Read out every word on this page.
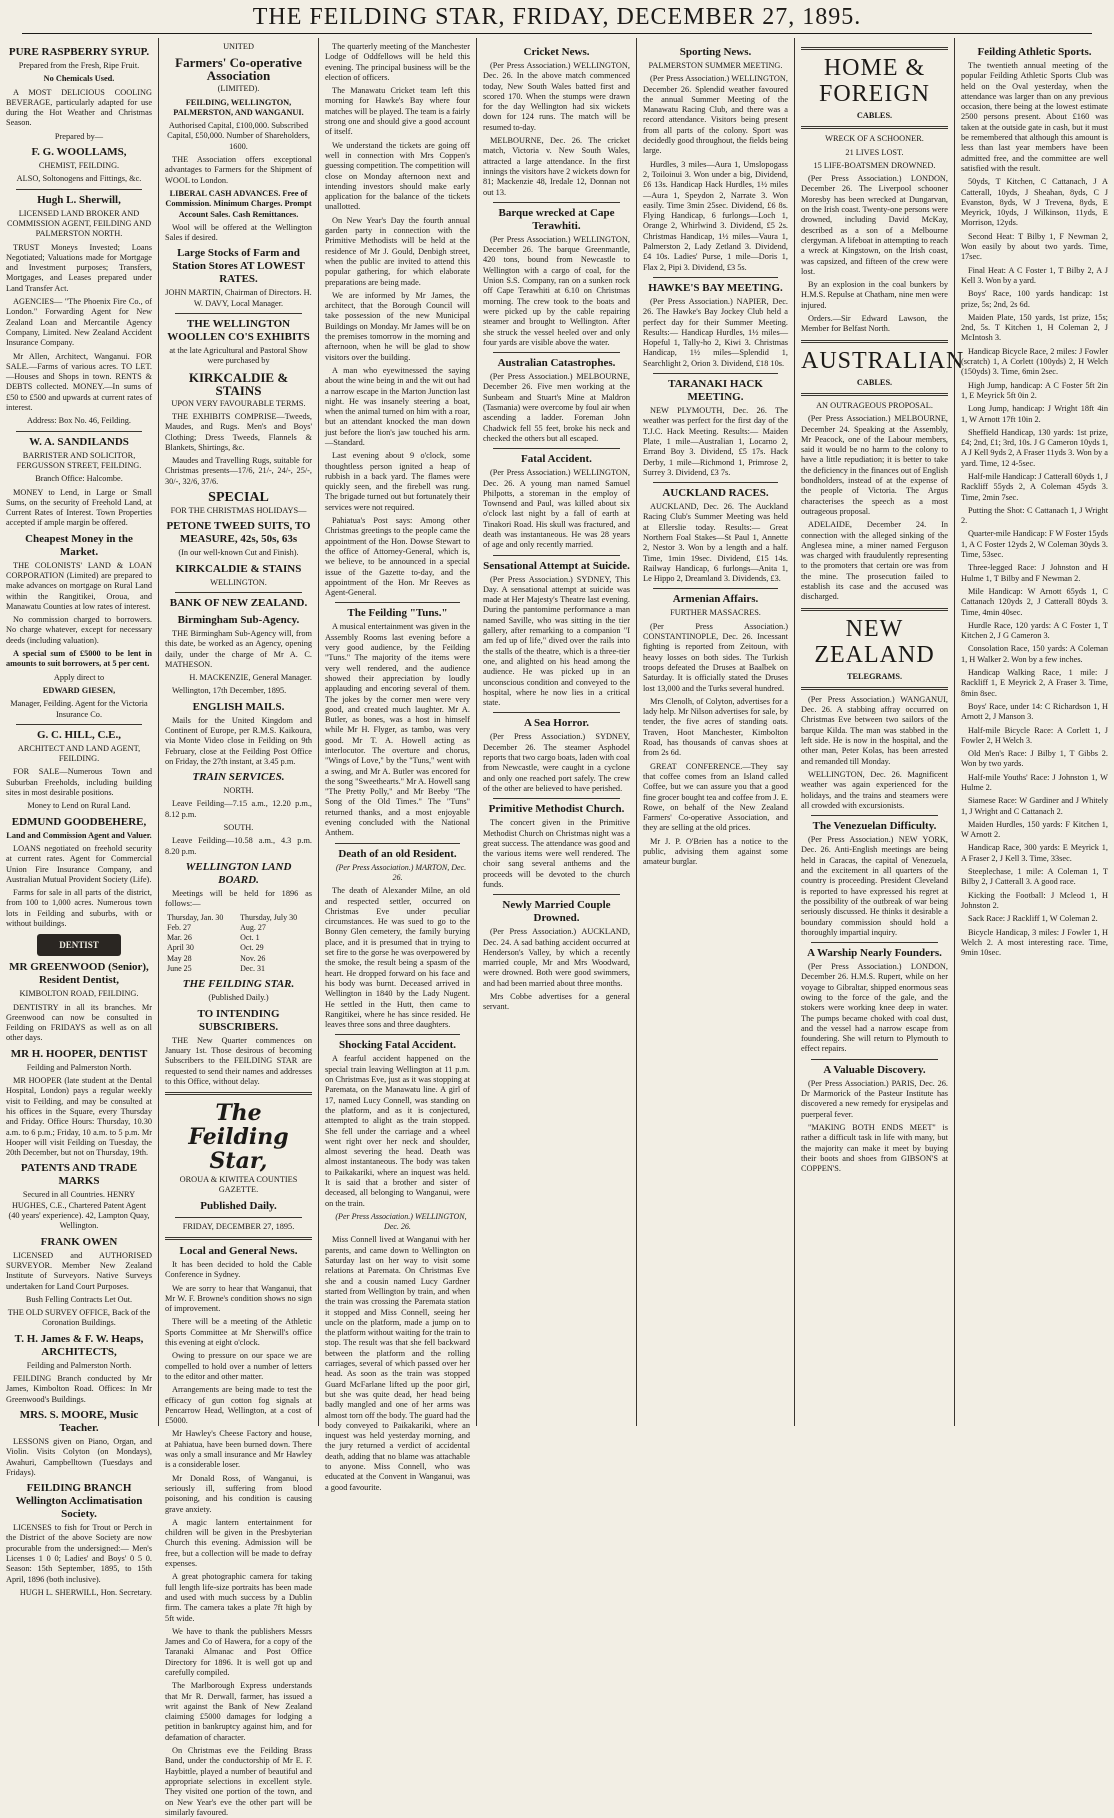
THE FEILDING STAR, FRIDAY, DECEMBER 27, 1895.
PURE RASPBERRY SYRUP.

Prepared from the Fresh, Ripe Fruit.

No Chemicals Used.

A MOST DELICIOUS COOLING BEVERAGE, particularly adapted for use during the Hot Weather and Christmas Season.

Prepared by—

F. G. WOOLLAMS,

CHEMIST, FEILDING.

ALSO, Soltonogens and Fittings, &c.

Hugh L. Sherwill,

LICENSED LAND BROKER AND COMMISSION AGENT, FEILDING AND PALMERSTON NORTH.

TRUST Moneys Invested; Loans Negotiated; Valuations made for Mortgage and Investment purposes; Transfers, Mortgages, and Leases prepared under Land Transfer Act.

AGENCIES— "The Phoenix Fire Co., of London." Forwarding Agent for New Zealand Loan and Mercantile Agency Company, Limited. New Zealand Accident Insurance Company.

Mr Allen, Architect, Wanganui. FOR SALE.—Farms of various acres. TO LET.—Houses and Shops in town. RENTS & DEBTS collected. MONEY.—In sums of £50 to £500 and upwards at current rates of interest.

Address: Box No. 46, Feilding.

W. A. SANDILANDS

BARRISTER AND SOLICITOR, FERGUSSON STREET, FEILDING.

Branch Office: Halcombe.

MONEY to Lend, in Large or Small Sums, on the security of Freehold Land, at Current Rates of Interest. Town Properties accepted if ample margin be offered.

Cheapest Money in the Market.

THE COLONISTS' LAND & LOAN CORPORATION (Limited) are prepared to make advances on mortgage on Rural Land within the Rangitikei, Oroua, and Manawatu Counties at low rates of interest.

No commission charged to borrowers. No charge whatever, except for necessary deeds (including valuation).

A special sum of £5000 to be lent in amounts to suit borrowers, at 5 per cent.

Apply direct to

EDWARD GIESEN,

Manager, Feilding. Agent for the Victoria Insurance Co.

G. C. HILL, C.E.,

ARCHITECT AND LAND AGENT, FEILDING.

FOR SALE—Numerous Town and Suburban Freeholds, including building sites in most desirable positions.

Money to Lend on Rural Land.

EDMUND GOODBEHERE,

Land and Commission Agent and Valuer.

LOANS negotiated on freehold security at current rates. Agent for Commercial Union Fire Insurance Company, and Australian Mutual Provident Society (Life).

Farms for sale in all parts of the district, from 100 to 1,000 acres. Numerous town lots in Feilding and suburbs, with or without buildings.

DENTIST
MR GREENWOOD (Senior), Resident Dentist,

KIMBOLTON ROAD, FEILDING.

DENTISTRY in all its branches. Mr Greenwood can now be consulted in Feilding on FRIDAYS as well as on all other days.

MR H. HOOPER, DENTIST

Feilding and Palmerston North.

MR HOOPER (late student at the Dental Hospital, London) pays a regular weekly visit to Feilding, and may be consulted at his offices in the Square, every Thursday and Friday. Office Hours: Thursday, 10.30 a.m. to 6 p.m.; Friday, 10 a.m. to 5 p.m. Mr Hooper will visit Feilding on Tuesday, the 20th December, but not on Thursday, 19th.

PATENTS AND TRADE MARKS

Secured in all Countries. HENRY HUGHES, C.E., Chartered Patent Agent (40 years' experience). 42, Lampton Quay, Wellington.

FRANK OWEN

LICENSED and AUTHORISED SURVEYOR. Member New Zealand Institute of Surveyors. Native Surveys undertaken for Land Court Purposes.

Bush Felling Contracts Let Out.

THE OLD SURVEY OFFICE, Back of the Coronation Buildings.

T. H. James & F. W. Heaps, ARCHITECTS,

Feilding and Palmerston North.

FEILDING Branch conducted by Mr James, Kimbolton Road. Offices: In Mr Greenwood's Buildings.

MRS. S. MOORE, Music Teacher.

LESSONS given on Piano, Organ, and Violin. Visits Colyton (on Mondays), Awahuri, Campbelltown (Tuesdays and Fridays).

FEILDING BRANCH Wellington Acclimatisation Society.

LICENSES to fish for Trout or Perch in the District of the above Society are now procurable from the undersigned:— Men's Licenses 1 0 0; Ladies' and Boys' 0 5 0. Season: 15th September, 1895, to 15th April, 1896 (both inclusive).

HUGH L. SHERWILL, Hon. Secretary.

UNITED

Farmers' Co-operative Association

(LIMITED).

FEILDING, WELLINGTON, PALMERSTON, AND WANGANUI.

Authorised Capital, £100,000. Subscribed Capital, £50,000. Number of Shareholders, 1600.

THE Association offers exceptional advantages to Farmers for the Shipment of WOOL to London.

LIBERAL CASH ADVANCES. Free of Commission. Minimum Charges. Prompt Account Sales. Cash Remittances.

Wool will be offered at the Wellington Sales if desired.

Large Stocks of Farm and Station Stores AT LOWEST RATES.

JOHN MARTIN, Chairman of Directors. H. W. DAVY, Local Manager.

THE WELLINGTON WOOLLEN CO'S EXHIBITS

at the late Agricultural and Pastoral Show were purchased by

KIRKCALDIE & STAINS

UPON VERY FAVOURABLE TERMS.

THE EXHIBITS COMPRISE—Tweeds, Maudes, and Rugs. Men's and Boys' Clothing; Dress Tweeds, Flannels & Blankets, Shirtings, &c.

Maudes and Travelling Rugs, suitable for Christmas presents—17/6, 21/-, 24/-, 25/-, 30/-, 32/6, 37/6.

SPECIAL

FOR THE CHRISTMAS HOLIDAYS—

PETONE TWEED SUITS, TO MEASURE, 42s, 50s, 63s

(In our well-known Cut and Finish).

KIRKCALDIE & STAINS

WELLINGTON.

BANK OF NEW ZEALAND.
Birmingham Sub-Agency.

THE Birmingham Sub-Agency will, from this date, be worked as an Agency, opening daily, under the charge of Mr A. C. MATHESON.

H. MACKENZIE, General Manager.

Wellington, 17th December, 1895.

ENGLISH MAILS.

Mails for the United Kingdom and Continent of Europe, per R.M.S. Kaikoura, via Monte Video close in Feilding on 9th February, close at the Feilding Post Office on Friday, the 27th instant, at 3.45 p.m.

TRAIN SERVICES.

NORTH.

Leave Feilding—7.15 a.m., 12.20 p.m., 8.12 p.m.

SOUTH.

Leave Feilding—10.58 a.m., 4.3 p.m. 8.20 p.m.

WELLINGTON LAND BOARD.

Meetings will be held for 1896 as follows:—

Thursday, Jan. 30	Thursday, July 30
Feb. 27	Aug. 27
Mar. 26	Oct. 1
April 30	Oct. 29
May 28	Nov. 26
June 25	Dec. 31
THE FEILDING STAR.

(Published Daily.)

TO INTENDING SUBSCRIBERS.

THE New Quarter commences on January 1st. Those desirous of becoming Subscribers to the FEILDING STAR are requested to send their names and addresses to this Office, without delay.

The Feilding Star,

OROUA & KIWITEA COUNTIES GAZETTE.

Published Daily.

FRIDAY, DECEMBER 27, 1895.

Local and General News.

It has been decided to hold the Cable Conference in Sydney.

We are sorry to hear that Wanganui, that Mr W. F. Browne's condition shows no sign of improvement.

There will be a meeting of the Athletic Sports Committee at Mr Sherwill's office this evening at eight o'clock.

Owing to pressure on our space we are compelled to hold over a number of letters to the editor and other matter.

Arrangements are being made to test the efficacy of gun cotton fog signals at Pencarrow Head, Wellington, at a cost of £5000.

Mr Hawley's Cheese Factory and house, at Pahiatua, have been burned down. There was only a small insurance and Mr Hawley is a considerable loser.

Mr Donald Ross, of Wanganui, is seriously ill, suffering from blood poisoning, and his condition is causing grave anxiety.

A magic lantern entertainment for children will be given in the Presbyterian Church this evening. Admission will be free, but a collection will be made to defray expenses.

A great photographic camera for taking full length life-size portraits has been made and used with much success by a Dublin firm. The camera takes a plate 7ft high by 5ft wide.

We have to thank the publishers Messrs James and Co of Hawera, for a copy of the Taranaki Almanac and Post Office Directory for 1896. It is well got up and carefully compiled.

The Marlborough Express understands that Mr R. Derwall, farmer, has issued a writ against the Bank of New Zealand claiming £5000 damages for lodging a petition in bankruptcy against him, and for defamation of character.

On Christmas eve the Feilding Brass Band, under the conductorship of Mr E. F. Haybittle, played a number of beautiful and appropriate selections in excellent style. They visited one portion of the town, and on New Year's eve the other part will be similarly favoured.

The quarterly meeting of the Manchester Lodge of Oddfellows will be held this evening. The principal business will be the election of officers.

The Manawatu Cricket team left this morning for Hawke's Bay where four matches will be played. The team is a fairly strong one and should give a good account of itself.

We understand the tickets are going off well in connection with Mrs Coppen's guessing competition. The competition will close on Monday afternoon next and intending investors should make early application for the balance of the tickets unallotted.

On New Year's Day the fourth annual garden party in connection with the Primitive Methodists will be held at the residence of Mr J. Gould, Denbigh street, when the public are invited to attend this popular gathering, for which elaborate preparations are being made.

We are informed by Mr James, the architect, that the Borough Council will take possession of the new Municipal Buildings on Monday. Mr James will be on the premises tomorrow in the morning and afternoon, when he will be glad to show visitors over the building.

A man who eyewitnessed the saying about the wine being in and the wit out had a narrow escape in the Marton Junction last night. He was insanely steering a boat, when the animal turned on him with a roar, but an attendant knocked the man down just before the lion's jaw touched his arm.—Standard.

Last evening about 9 o'clock, some thoughtless person ignited a heap of rubbish in a back yard. The flames were quickly seen, and the firebell was rung. The brigade turned out but fortunately their services were not required.

Pahiatua's Post says: Among other Christmas greetings to the people came the appointment of the Hon. Dowse Stewart to the office of Attorney-General, which is, we believe, to be announced in a special issue of the Gazette to-day, and the appointment of the Hon. Mr Reeves as Agent-General.

The Feilding "Tuns."

A musical entertainment was given in the Assembly Rooms last evening before a very good audience, by the Feilding "Tuns." The majority of the items were very well rendered, and the audience showed their appreciation by loudly applauding and encoring several of them. The jokes by the corner men were very good, and created much laughter. Mr A. Butler, as bones, was a host in himself while Mr H. Flyger, as tambo, was very good. Mr T. A. Howell acting as interlocutor. The overture and chorus, "Wings of Love," by the "Tuns," went with a swing, and Mr A. Butler was encored for the song "Sweethearts." Mr A. Howell sang "The Pretty Polly," and Mr Beeby "The Song of the Old Times." The "Tuns" returned thanks, and a most enjoyable evening concluded with the National Anthem.

Death of an old Resident.

(Per Press Association.) MARTON, Dec. 26.

The death of Alexander Milne, an old and respected settler, occurred on Christmas Eve under peculiar circumstances. He was sued to go to the Bonny Glen cemetery, the family burying place, and it is presumed that in trying to set fire to the gorse he was overpowered by the smoke, the result being a spasm of the heart. He dropped forward on his face and his body was burnt. Deceased arrived in Wellington in 1840 by the Lady Nugent. He settled in the Hutt, then came to Rangitikei, where he has since resided. He leaves three sons and three daughters.

Shocking Fatal Accident.

A fearful accident happened on the special train leaving Wellington at 11 p.m. on Christmas Eve, just as it was stopping at Paremata, on the Manawatu line. A girl of 17, named Lucy Connell, was standing on the platform, and as it is conjectured, attempted to alight as the train stopped. She fell under the carriage and a wheel went right over her neck and shoulder, almost severing the head. Death was almost instantaneous. The body was taken to Paikakariki, where an inquest was held. It is said that a brother and sister of deceased, all belonging to Wanganui, were on the train.

(Per Press Association.) WELLINGTON, Dec. 26.

Miss Connell lived at Wanganui with her parents, and came down to Wellington on Saturday last on her way to visit some relations at Paremata. On Christmas Eve she and a cousin named Lucy Gardner started from Wellington by train, and when the train was crossing the Paremata station it stopped and Miss Connell, seeing her uncle on the platform, made a jump on to the platform without waiting for the train to stop. The result was that she fell backward between the platform and the rolling carriages, several of which passed over her head. As soon as the train was stopped Guard McFarlane lifted up the poor girl, but she was quite dead, her head being badly mangled and one of her arms was almost torn off the body. The guard had the body conveyed to Paikakariki, where an inquest was held yesterday morning, and the jury returned a verdict of accidental death, adding that no blame was attachable to anyone. Miss Connell, who was educated at the Convent in Wanganui, was a good favourite.

Cricket News.

(Per Press Association.) WELLINGTON, Dec. 26. In the above match commenced today, New South Wales batted first and scored 170. When the stumps were drawn for the day Wellington had six wickets down for 124 runs. The match will be resumed to-day.

MELBOURNE, Dec. 26. The cricket match, Victoria v. New South Wales, attracted a large attendance. In the first innings the visitors have 2 wickets down for 81; Mackenzie 48, Iredale 12, Donnan not out 13.

Barque wrecked at Cape Terawhiti.

(Per Press Association.) WELLINGTON, December 26. The barque Greenmantle, 420 tons, bound from Newcastle to Wellington with a cargo of coal, for the Union S.S. Company, ran on a sunken rock off Cape Terawhiti at 6.10 on Christmas morning. The crew took to the boats and were picked up by the cable repairing steamer and brought to Wellington. After she struck the vessel heeled over and only four yards are visible above the water.

Australian Catastrophes.

(Per Press Association.) MELBOURNE, December 26. Five men working at the Sunbeam and Stuart's Mine at Maldron (Tasmania) were overcome by foul air when ascending a ladder. Foreman John Chadwick fell 55 feet, broke his neck and checked the others but all escaped.

Fatal Accident.

(Per Press Association.) WELLINGTON, Dec. 26. A young man named Samuel Philpotts, a storeman in the employ of Townsend and Paul, was killed about six o'clock last night by a fall of earth at Tinakori Road. His skull was fractured, and death was instantaneous. He was 28 years of age and only recently married.

Sensational Attempt at Suicide.

(Per Press Association.) SYDNEY, This Day. A sensational attempt at suicide was made at Her Majesty's Theatre last evening. During the pantomime performance a man named Saville, who was sitting in the tier gallery, after remarking to a companion "I am fed up of life," dived over the rails into the stalls of the theatre, which is a three-tier one, and alighted on his head among the audience. He was picked up in an unconscious condition and conveyed to the hospital, where he now lies in a critical state.

A Sea Horror.

(Per Press Association.) SYDNEY, December 26. The steamer Asphodel reports that two cargo boats, laden with coal from Newcastle, were caught in a cyclone and only one reached port safely. The crew of the other are believed to have perished.

Primitive Methodist Church.

The concert given in the Primitive Methodist Church on Christmas night was a great success. The attendance was good and the various items were well rendered. The choir sang several anthems and the proceeds will be devoted to the church funds.

Newly Married Couple Drowned.

(Per Press Association.) AUCKLAND, Dec. 24. A sad bathing accident occurred at Henderson's Valley, by which a recently married couple, Mr and Mrs Woodward, were drowned. Both were good swimmers, and had been married about three months.

Mrs Cobbe advertises for a general servant.

Sporting News.

PALMERSTON SUMMER MEETING.

(Per Press Association.) WELLINGTON, December 26. Splendid weather favoured the annual Summer Meeting of the Manawatu Racing Club, and there was a record attendance. Visitors being present from all parts of the colony. Sport was decidedly good throughout, the fields being large.

Hurdles, 3 miles—Aura 1, Umslopogass 2, Toiloinui 3. Won under a big, Dividend, £6 13s. Handicap Hack Hurdles, 1½ miles—Aura 1, Speydon 2, Narrate 3. Won easily. Time 3min 25sec. Dividend, £6 8s. Flying Handicap, 6 furlongs—Loch 1, Orange 2, Whirlwind 3. Dividend, £5 2s. Christmas Handicap, 1½ miles—Vaura 1, Palmerston 2, Lady Zetland 3. Dividend, £4 10s. Ladies' Purse, 1 mile—Doris 1, Flax 2, Pipi 3. Dividend, £3 5s.

HAWKE'S BAY MEETING.

(Per Press Association.) NAPIER, Dec. 26. The Hawke's Bay Jockey Club held a perfect day for their Summer Meeting. Results:— Handicap Hurdles, 1½ miles—Hopeful 1, Tally-ho 2, Kiwi 3. Christmas Handicap, 1½ miles—Splendid 1, Searchlight 2, Orion 3. Dividend, £18 10s.

TARANAKI HACK MEETING.

NEW PLYMOUTH, Dec. 26. The weather was perfect for the first day of the T.J.C. Hack Meeting. Results:— Maiden Plate, 1 mile—Australian 1, Locarno 2, Errand Boy 3. Dividend, £5 17s. Hack Derby, 1 mile—Richmond 1, Primrose 2, Surrey 3. Dividend, £3 7s.

AUCKLAND RACES.

AUCKLAND, Dec. 26. The Auckland Racing Club's Summer Meeting was held at Ellerslie today. Results:— Great Northern Foal Stakes—St Paul 1, Annette 2, Nestor 3. Won by a length and a half. Time, 1min 19sec. Dividend, £15 14s. Railway Handicap, 6 furlongs—Anita 1, Le Hippo 2, Dreamland 3. Dividends, £3.

Armenian Affairs.

FURTHER MASSACRES.

(Per Press Association.) CONSTANTINOPLE, Dec. 26. Incessant fighting is reported from Zeitoun, with heavy losses on both sides. The Turkish troops defeated the Druses at Baalbek on Saturday. It is officially stated the Druses lost 13,000 and the Turks several hundred.

Mrs Clenolh, of Colyton, advertises for a lady help. Mr Nilson advertises for sale, by tender, the five acres of standing oats. Traven, Hoot Manchester, Kimbolton Road, has thousands of canvas shoes at from 2s 6d.

GREAT CONFERENCE.—They say that coffee comes from an Island called Coffee, but we can assure you that a good fine grocer bought tea and coffee from J. E. Rowe, on behalf of the New Zealand Farmers' Co-operative Association, and they are selling at the old prices.

Mr J. P. O'Brien has a notice to the public, advising them against some amateur burglar.

HOME & FOREIGN

CABLES.

WRECK OF A SCHOONER.

21 LIVES LOST.

15 LIFE-BOATSMEN DROWNED.

(Per Press Association.) LONDON, December 26. The Liverpool schooner Moresby has been wrecked at Dungarvan, on the Irish coast. Twenty-one persons were drowned, including David McKay, described as a son of a Melbourne clergyman. A lifeboat in attempting to reach a wreck at Kingstown, on the Irish coast, was capsized, and fifteen of the crew were lost.

By an explosion in the coal bunkers by H.M.S. Repulse at Chatham, nine men were injured.

Orders.—Sir Edward Lawson, the Member for Belfast North.

AUSTRALIAN

CABLES.

AN OUTRAGEOUS PROPOSAL.

(Per Press Association.) MELBOURNE, December 24. Speaking at the Assembly, Mr Peacock, one of the Labour members, said it would be no harm to the colony to have a little repudiation; it is better to take the deficiency in the finances out of English bondholders, instead of at the expense of the people of Victoria. The Argus characterises the speech as a most outrageous proposal.

ADELAIDE, December 24. In connection with the alleged sinking of the Anglesea mine, a miner named Ferguson was charged with fraudulently representing to the promoters that certain ore was from the mine. The prosecution failed to establish its case and the accused was discharged.

NEW ZEALAND

TELEGRAMS.

(Per Press Association.) WANGANUI, Dec. 26. A stabbing affray occurred on Christmas Eve between two sailors of the barque Kilda. The man was stabbed in the left side. He is now in the hospital, and the other man, Peter Kolas, has been arrested and remanded till Monday.

WELLINGTON, Dec. 26. Magnificent weather was again experienced for the holidays, and the trains and steamers were all crowded with excursionists.

The Venezuelan Difficulty.

(Per Press Association.) NEW YORK, Dec. 26. Anti-English meetings are being held in Caracas, the capital of Venezuela, and the excitement in all quarters of the country is proceeding. President Cleveland is reported to have expressed his regret at the possibility of the outbreak of war being seriously discussed. He thinks it desirable a boundary commission should hold a thoroughly impartial inquiry.

A Warship Nearly Founders.

(Per Press Association.) LONDON, December 26. H.M.S. Rupert, while on her voyage to Gibraltar, shipped enormous seas owing to the force of the gale, and the stokers were working knee deep in water. The pumps became choked with coal dust, and the vessel had a narrow escape from foundering. She will return to Plymouth to effect repairs.

A Valuable Discovery.

(Per Press Association.) PARIS, Dec. 26. Dr Marmorick of the Pasteur Institute has discovered a new remedy for erysipelas and puerperal fever.

"MAKING BOTH ENDS MEET" is rather a difficult task in life with many, but the majority can make it meet by buying their boots and shoes from GIBSON'S at COPPEN'S.

Feilding Athletic Sports.

The twentieth annual meeting of the popular Feilding Athletic Sports Club was held on the Oval yesterday, when the attendance was larger than on any previous occasion, there being at the lowest estimate 2500 persons present. About £160 was taken at the outside gate in cash, but it must be remembered that although this amount is less than last year members have been admitted free, and the committee are well satisfied with the result.

50yds, T Kitchen, C Cattanach, J A Catterall, 10yds, J Sheahan, 8yds, C J Evanston, 8yds, W J Trevena, 8yds, E Meyrick, 10yds, J Wilkinson, 11yds, E Morrison, 12yds.

Second Heat: T Bilby 1, F Newman 2, Won easily by about two yards. Time, 17sec.

Final Heat: A C Foster 1, T Bilby 2, A J Kell 3. Won by a yard.

Boys' Race, 100 yards handicap: 1st prize, 5s; 2nd, 2s 6d.

Maiden Plate, 150 yards, 1st prize, 15s; 2nd, 5s. T Kitchen 1, H Coleman 2, J McIntosh 3.

Handicap Bicycle Race, 2 miles: J Fowler (scratch) 1, A Corlett (100yds) 2, H Welch (150yds) 3. Time, 6min 2sec.

High Jump, handicap: A C Foster 5ft 2in 1, E Meyrick 5ft 0in 2.

Long Jump, handicap: J Wright 18ft 4in 1, W Arnott 17ft 10in 2.

Sheffield Handicap, 130 yards: 1st prize, £4; 2nd, £1; 3rd, 10s. J G Cameron 10yds 1, A J Kell 9yds 2, A Fraser 11yds 3. Won by a yard. Time, 12 4-5sec.

Half-mile Handicap: J Catterall 60yds 1, J Rackliff 55yds 2, A Coleman 45yds 3. Time, 2min 7sec.

Putting the Shot: C Cattanach 1, J Wright 2.

Quarter-mile Handicap: F W Foster 15yds 1, A C Foster 12yds 2, W Coleman 30yds 3. Time, 53sec.

Three-legged Race: J Johnston and H Hulme 1, T Bilby and F Newman 2.

Mile Handicap: W Arnott 65yds 1, C Cattanach 120yds 2, J Catterall 80yds 3. Time, 4min 40sec.

Hurdle Race, 120 yards: A C Foster 1, T Kitchen 2, J G Cameron 3.

Consolation Race, 150 yards: A Coleman 1, H Walker 2. Won by a few inches.

Handicap Walking Race, 1 mile: J Rackliff 1, E Meyrick 2, A Fraser 3. Time, 8min 8sec.

Boys' Race, under 14: C Richardson 1, H Arnott 2, J Manson 3.

Half-mile Bicycle Race: A Corlett 1, J Fowler 2, H Welch 3.

Old Men's Race: J Bilby 1, T Gibbs 2. Won by two yards.

Half-mile Youths' Race: J Johnston 1, W Hulme 2.

Siamese Race: W Gardiner and J Whitely 1, J Wright and C Cattanach 2.

Maiden Hurdles, 150 yards: F Kitchen 1, W Arnott 2.

Handicap Race, 300 yards: E Meyrick 1, A Fraser 2, J Kell 3. Time, 33sec.

Steeplechase, 1 mile: A Coleman 1, T Bilby 2, J Catterall 3. A good race.

Kicking the Football: J Mcleod 1, H Johnston 2.

Sack Race: J Rackliff 1, W Coleman 2.

Bicycle Handicap, 3 miles: J Fowler 1, H Welch 2. A most interesting race. Time, 9min 10sec.
